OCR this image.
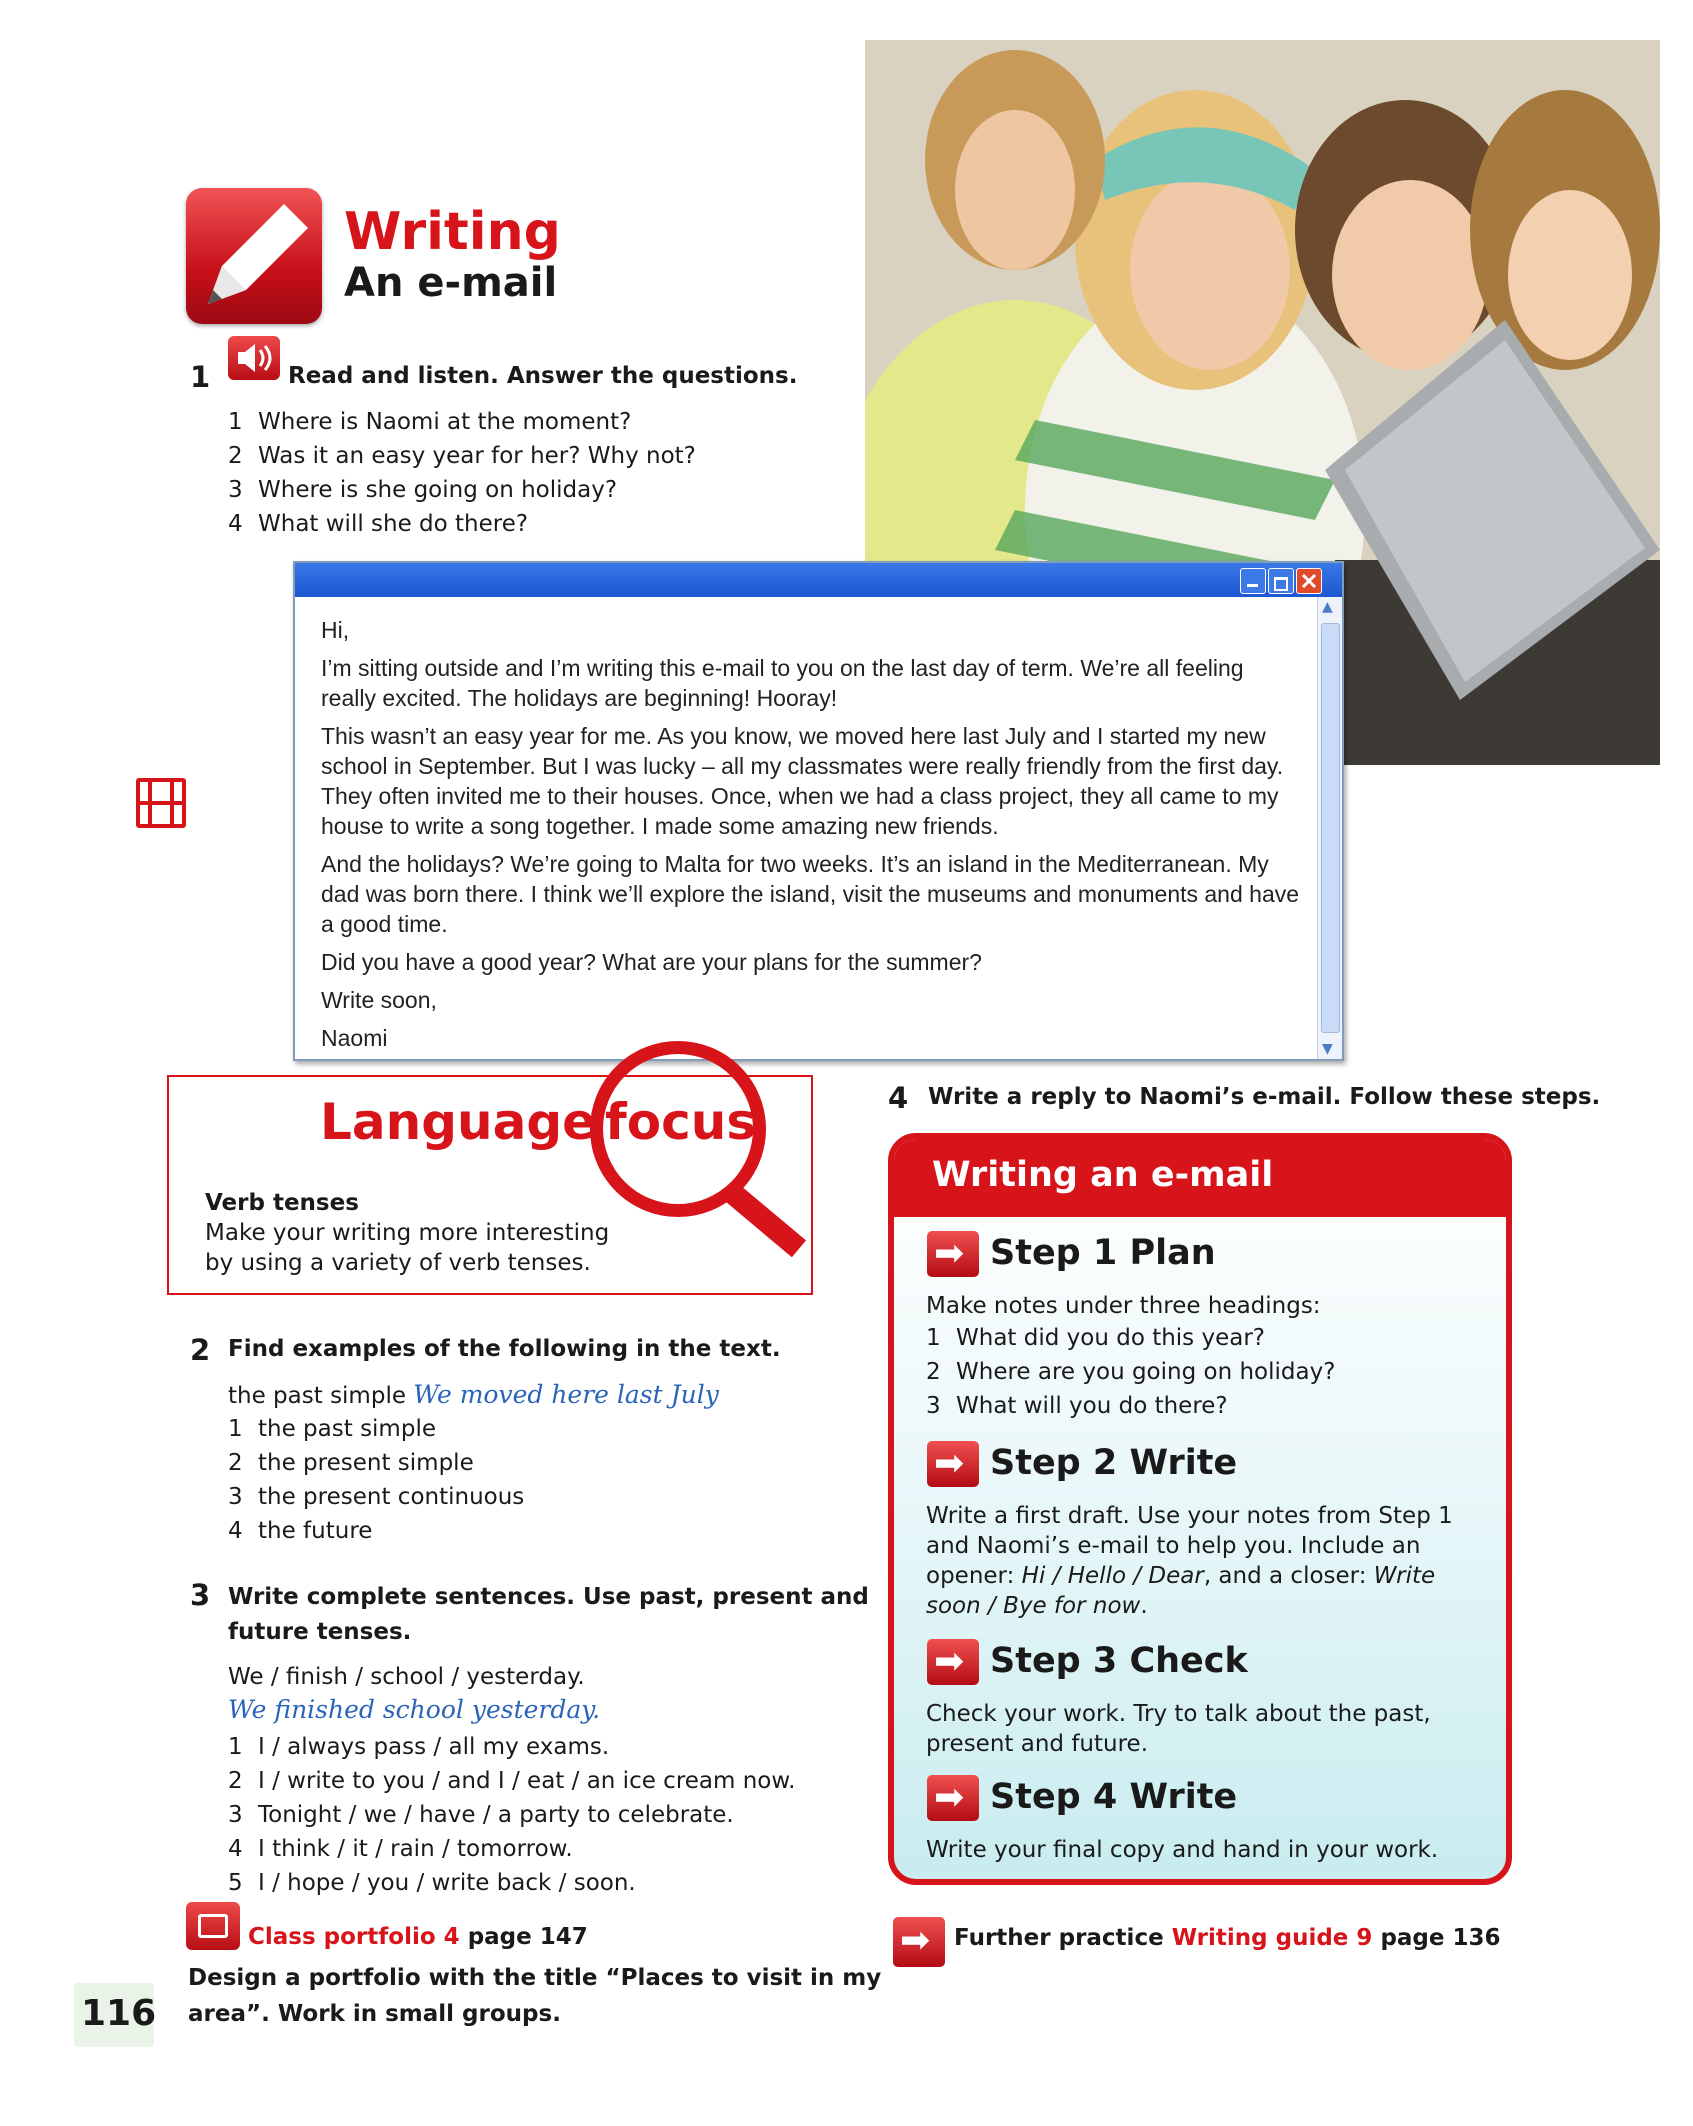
Writing
An e-mail
1	Read and listen. Answer the questions.
1 Where is Naomi at the moment?
2 Was it an easy year for her? Why not?
3 Where is she going on holiday?
4 What will she do there?
▲
▼

Hi,

I’m sitting outside and I’m writing this e-mail to you on the last day of term. We’re all feeling really excited. The holidays are beginning! Hooray!

This wasn’t an easy year for me. As you know, we moved here last July and I started my new school in September. But I was lucky – all my classmates were really friendly from the first day. They often invited me to their houses. Once, when we had a class project, they all came to my house to write a song together. I made some amazing new friends.

And the holidays? We’re going to Malta for two weeks. It’s an island in the Mediterranean. My dad was born there. I think we’ll explore the island, visit the museums and monuments and have a good time.

Did you have a good year? What are your plans for the summer?

Write soon,

Naomi

Language focus
Verb tenses
Make your writing more interesting
by using a variety of verb tenses.
2 Find examples of the following in the text.
the past simple We moved here last July
1 the past simple
2 the present simple
3 the present continuous
4 the future
3 Write complete sentences. Use past, present and
future tenses.
We / finish / school / yesterday.
We finished school yesterday.
1 I / always pass / all my exams.
2 I / write to you / and I / eat / an ice cream now.
3 Tonight / we / have / a party to celebrate.
4 I think / it / rain / tomorrow.
5 I / hope / you / write back / soon.
Class portfolio 4 page 147
Design a portfolio with the title “Places to visit in my
area”. Work in small groups.
116
4 Write a reply to Naomi’s e-mail. Follow these steps.
Writing an e-mail
➡
Step 1 Plan
Make notes under three headings:
1 What did you do this year?
2 Where are you going on holiday?
3 What will you do there?
➡
Step 2 Write
Write a first draft. Use your notes from Step 1
and Naomi’s e-mail to help you. Include an
opener: Hi / Hello / Dear, and a closer: Write
soon / Bye for now.
➡
Step 3 Check
Check your work. Try to talk about the past,
present and future.
➡
Step 4 Write
Write your final copy and hand in your work.
➡
Further practice Writing guide 9 page 136
